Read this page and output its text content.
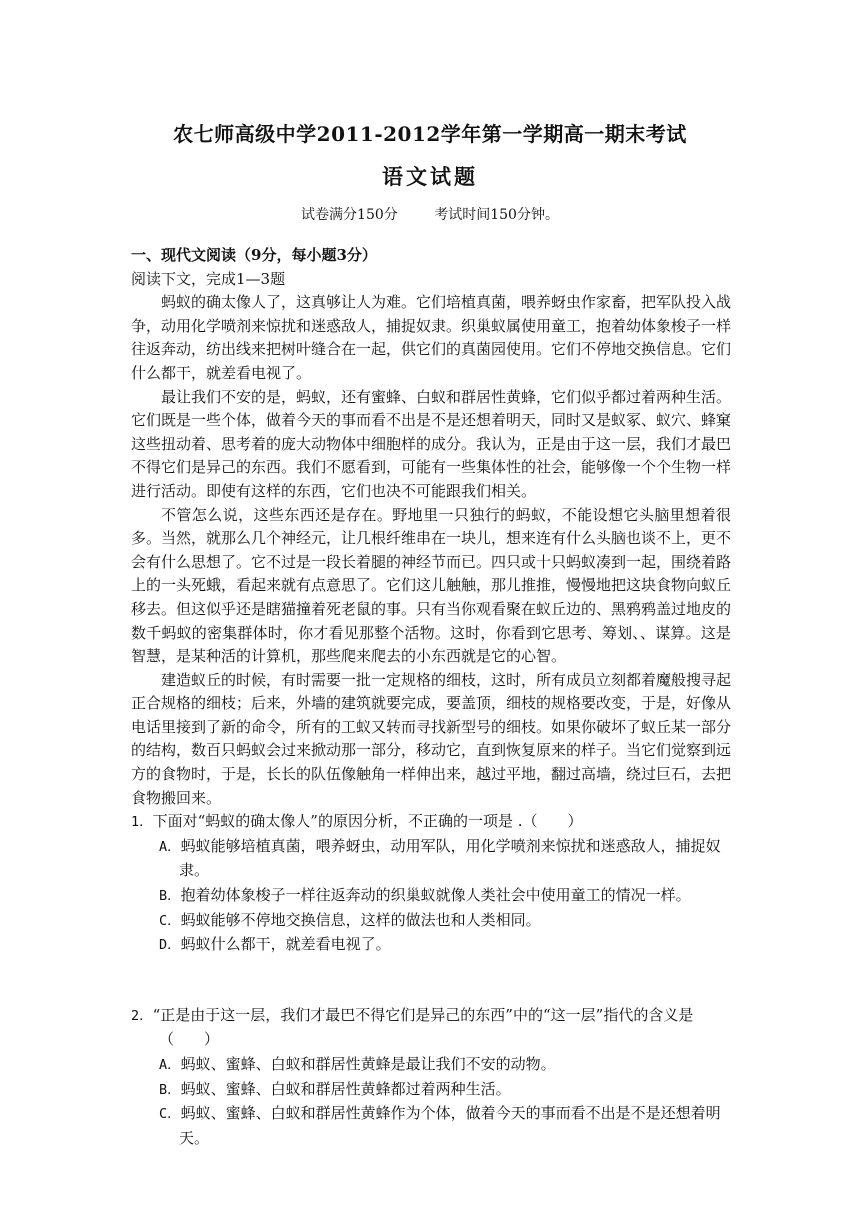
农七师高级中学2011-2012学年第一学期高一期末考试
语文试题
试卷满分150分	考试时间150分钟。

一、现代文阅读（9分，每小题3分）

阅读下文，完成1—3题

蚂蚁的确太像人了，这真够让人为难。它们培植真菌，喂养蚜虫作家畜，把军队投入战争，动用化学喷剂来惊扰和迷惑敌人，捕捉奴隶。织巢蚁属使用童工，抱着幼体象梭子一样往返奔动，纺出线来把树叶缝合在一起，供它们的真菌园使用。它们不停地交换信息。它们什么都干，就差看电视了。

最让我们不安的是，蚂蚁，还有蜜蜂、白蚁和群居性黄蜂，它们似乎都过着两种生活。它们既是一些个体，做着今天的事而看不出是不是还想着明天，同时又是蚁冢、蚁穴、蜂窠这些扭动着、思考着的庞大动物体中细胞样的成分。我认为，正是由于这一层，我们才最巴不得它们是异己的东西。我们不愿看到，可能有一些集体性的社会，能够像一个个生物一样进行活动。即使有这样的东西，它们也决不可能跟我们相关。

不管怎么说，这些东西还是存在。野地里一只独行的蚂蚁，不能设想它头脑里想着很多。当然，就那么几个神经元，让几根纤维串在一块儿，想来连有什么头脑也谈不上，更不会有什么思想了。它不过是一段长着腿的神经节而已。四只或十只蚂蚁凑到一起，围绕着路上的一头死蛾，看起来就有点意思了。它们这儿触触，那儿推推，慢慢地把这块食物向蚁丘移去。但这似乎还是瞎猫撞着死老鼠的事。只有当你观看聚在蚁丘边的、黑鸦鸦盖过地皮的数千蚂蚁的密集群体时，你才看见那整个活物。这时，你看到它思考、筹划、、谋算。这是智慧，是某种活的计算机，那些爬来爬去的小东西就是它的心智。

建造蚁丘的时候，有时需要一批一定规格的细枝，这时，所有成员立刻都着魔般搜寻起正合规格的细枝；后来，外墙的建筑就要完成，要盖顶，细枝的规格要改变，于是，好像从电话里接到了新的命令，所有的工蚁又转而寻找新型号的细枝。如果你破坏了蚁丘某一部分的结构，数百只蚂蚁会过来掀动那一部分，移动它，直到恢复原来的样子。当它们觉察到远方的食物时，于是，长长的队伍像触角一样伸出来，越过平地，翻过高墙，绕过巨石，去把食物搬回来。

1．下面对“蚂蚁的确太像人”的原因分析，不正确的一项是 .（　　）

A．蚂蚁能够培植真菌，喂养蚜虫，动用军队，用化学喷剂来惊扰和迷惑敌人，捕捉奴隶。

B．抱着幼体象梭子一样往返奔动的织巢蚁就像人类社会中使用童工的情况一样。

C．蚂蚁能够不停地交换信息，这样的做法也和人类相同。

D．蚂蚁什么都干，就差看电视了。

2．“正是由于这一层，我们才最巴不得它们是异己的东西”中的“这一层”指代的含义是（　　）

A．蚂蚁、蜜蜂、白蚁和群居性黄蜂是最让我们不安的动物。

B．蚂蚁、蜜蜂、白蚁和群居性黄蜂都过着两种生活。

C．蚂蚁、蜜蜂、白蚁和群居性黄蜂作为个体，做着今天的事而看不出是不是还想着明天。
